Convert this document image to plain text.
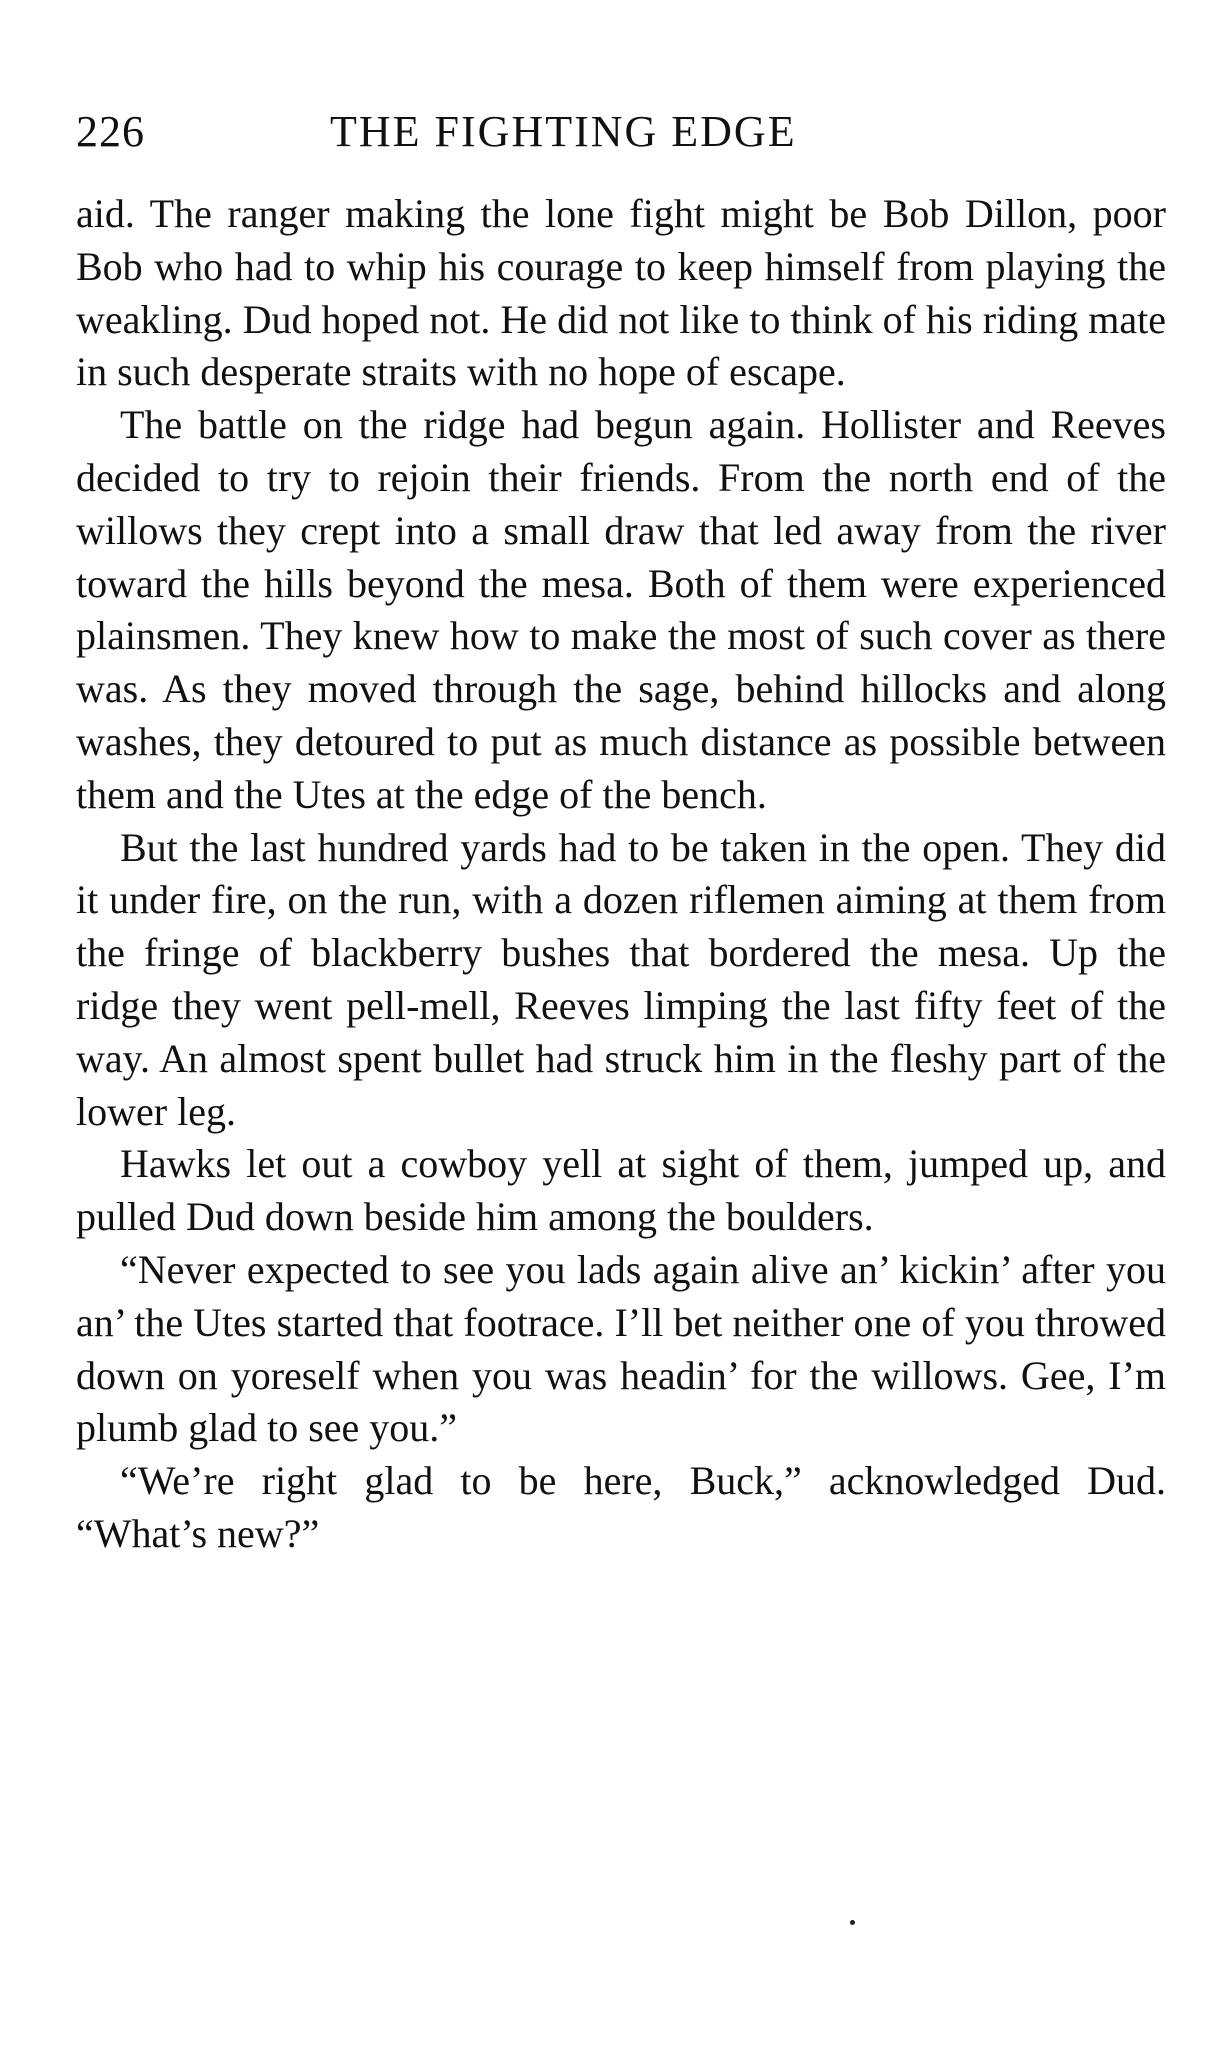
226	THE FIGHTING EDGE

aid. The ranger making the lone fight might be Bob Dillon, poor Bob who had to whip his courage to keep himself from playing the weakling. Dud hoped not. He did not like to think of his riding mate in such desperate straits with no hope of escape.

The battle on the ridge had begun again. Hollister and Reeves decided to try to rejoin their friends. From the north end of the willows they crept into a small draw that led away from the river toward the hills beyond the mesa. Both of them were experienced plainsmen. They knew how to make the most of such cover as there was. As they moved through the sage, behind hillocks and along washes, they detoured to put as much distance as possible between them and the Utes at the edge of the bench.

But the last hundred yards had to be taken in the open. They did it under fire, on the run, with a dozen riflemen aiming at them from the fringe of blackberry bushes that bordered the mesa. Up the ridge they went pell-mell, Reeves limping the last fifty feet of the way. An almost spent bullet had struck him in the fleshy part of the lower leg.

Hawks let out a cowboy yell at sight of them, jumped up, and pulled Dud down beside him among the boulders.

“Never expected to see you lads again alive an’ kickin’ after you an’ the Utes started that footrace. I’ll bet neither one of you throwed down on yoreself when you was headin’ for the willows. Gee, I’m plumb glad to see you.”

“We’re right glad to be here, Buck,” acknowledged Dud. “What’s new?”
